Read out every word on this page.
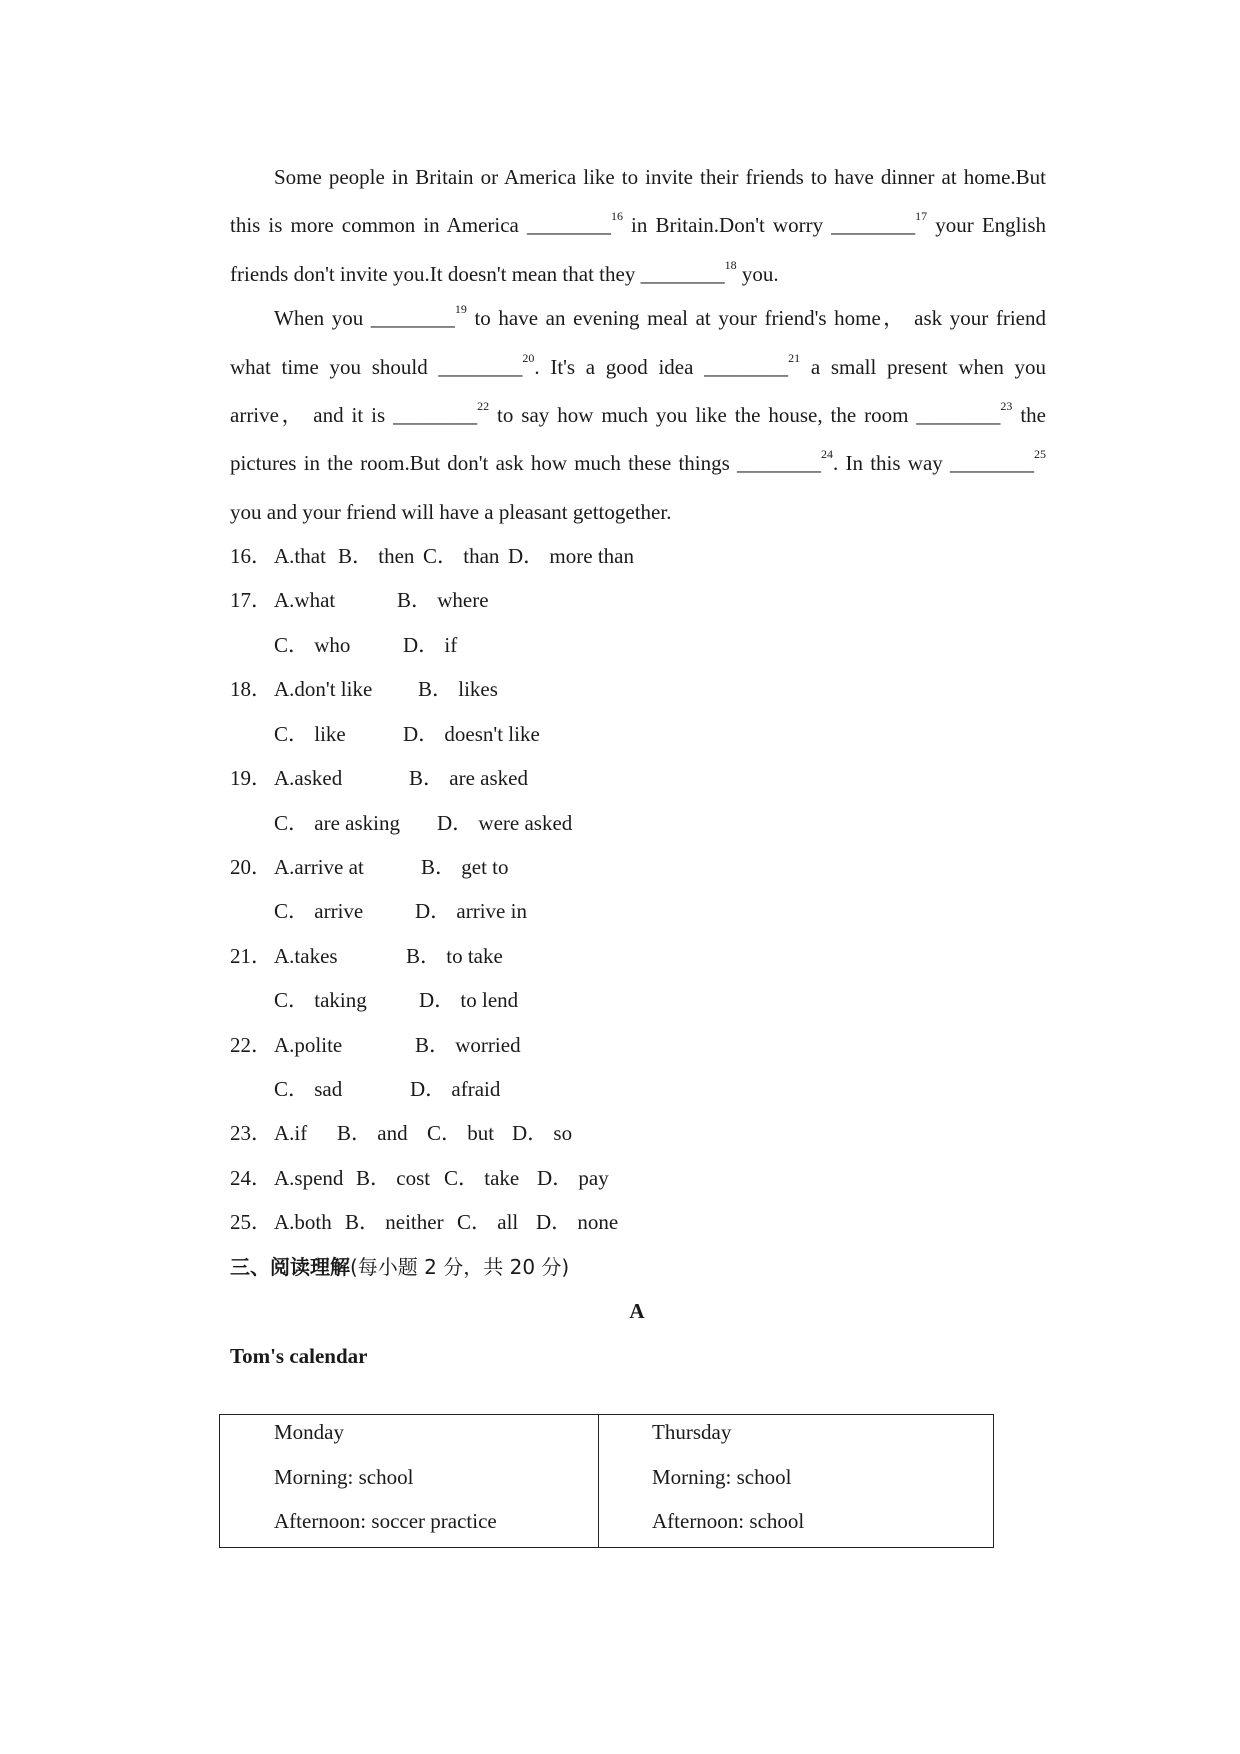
Some people in Britain or America like to invite their friends to have dinner at home.But
this is more common in America ________$^{16}$ in Britain.Don't worry ________$^{17}$ your English
friends don't invite you.It doesn't mean that they ________$^{18}$ you.
When you ________$^{19}$ to have an evening meal at your friend's home， ask your friend
what time you should ________$^{20}$. It's a good idea ________$^{21}$ a small present when you
arrive， and it is ________$^{22}$ to say how much you like the house, the room ________$^{23}$ the
pictures in the room.But don't ask how much these things ________$^{24}$. In this way ________$^{25}$
you and your friend will have a pleasant gettogether.
16． A.that B． then C． than D． more than
17． A.what	B． where
C． who	D． if
18． A.don't like B． likes
C． like	D． doesn't like
19． A.asked	B． are asked
C． are asking D． were asked
20． A.arrive at	B． get to
C． arrive D． arrive in
21． A.takes	B． to take
C． taking D． to lend
22． A.polite	B． worried
C． sad	D． afraid
23． A.if B． and C． but D． so
24． A.spend B． cost C． take D． pay
25． A.both B． neither C． all D． none
三、阅读理解(每小题 2 分，共 20 分)
A
Tom's calendar
Monday
Morning: school
Afternoon: soccer practice
Thursday
Morning: school
Afternoon: school
